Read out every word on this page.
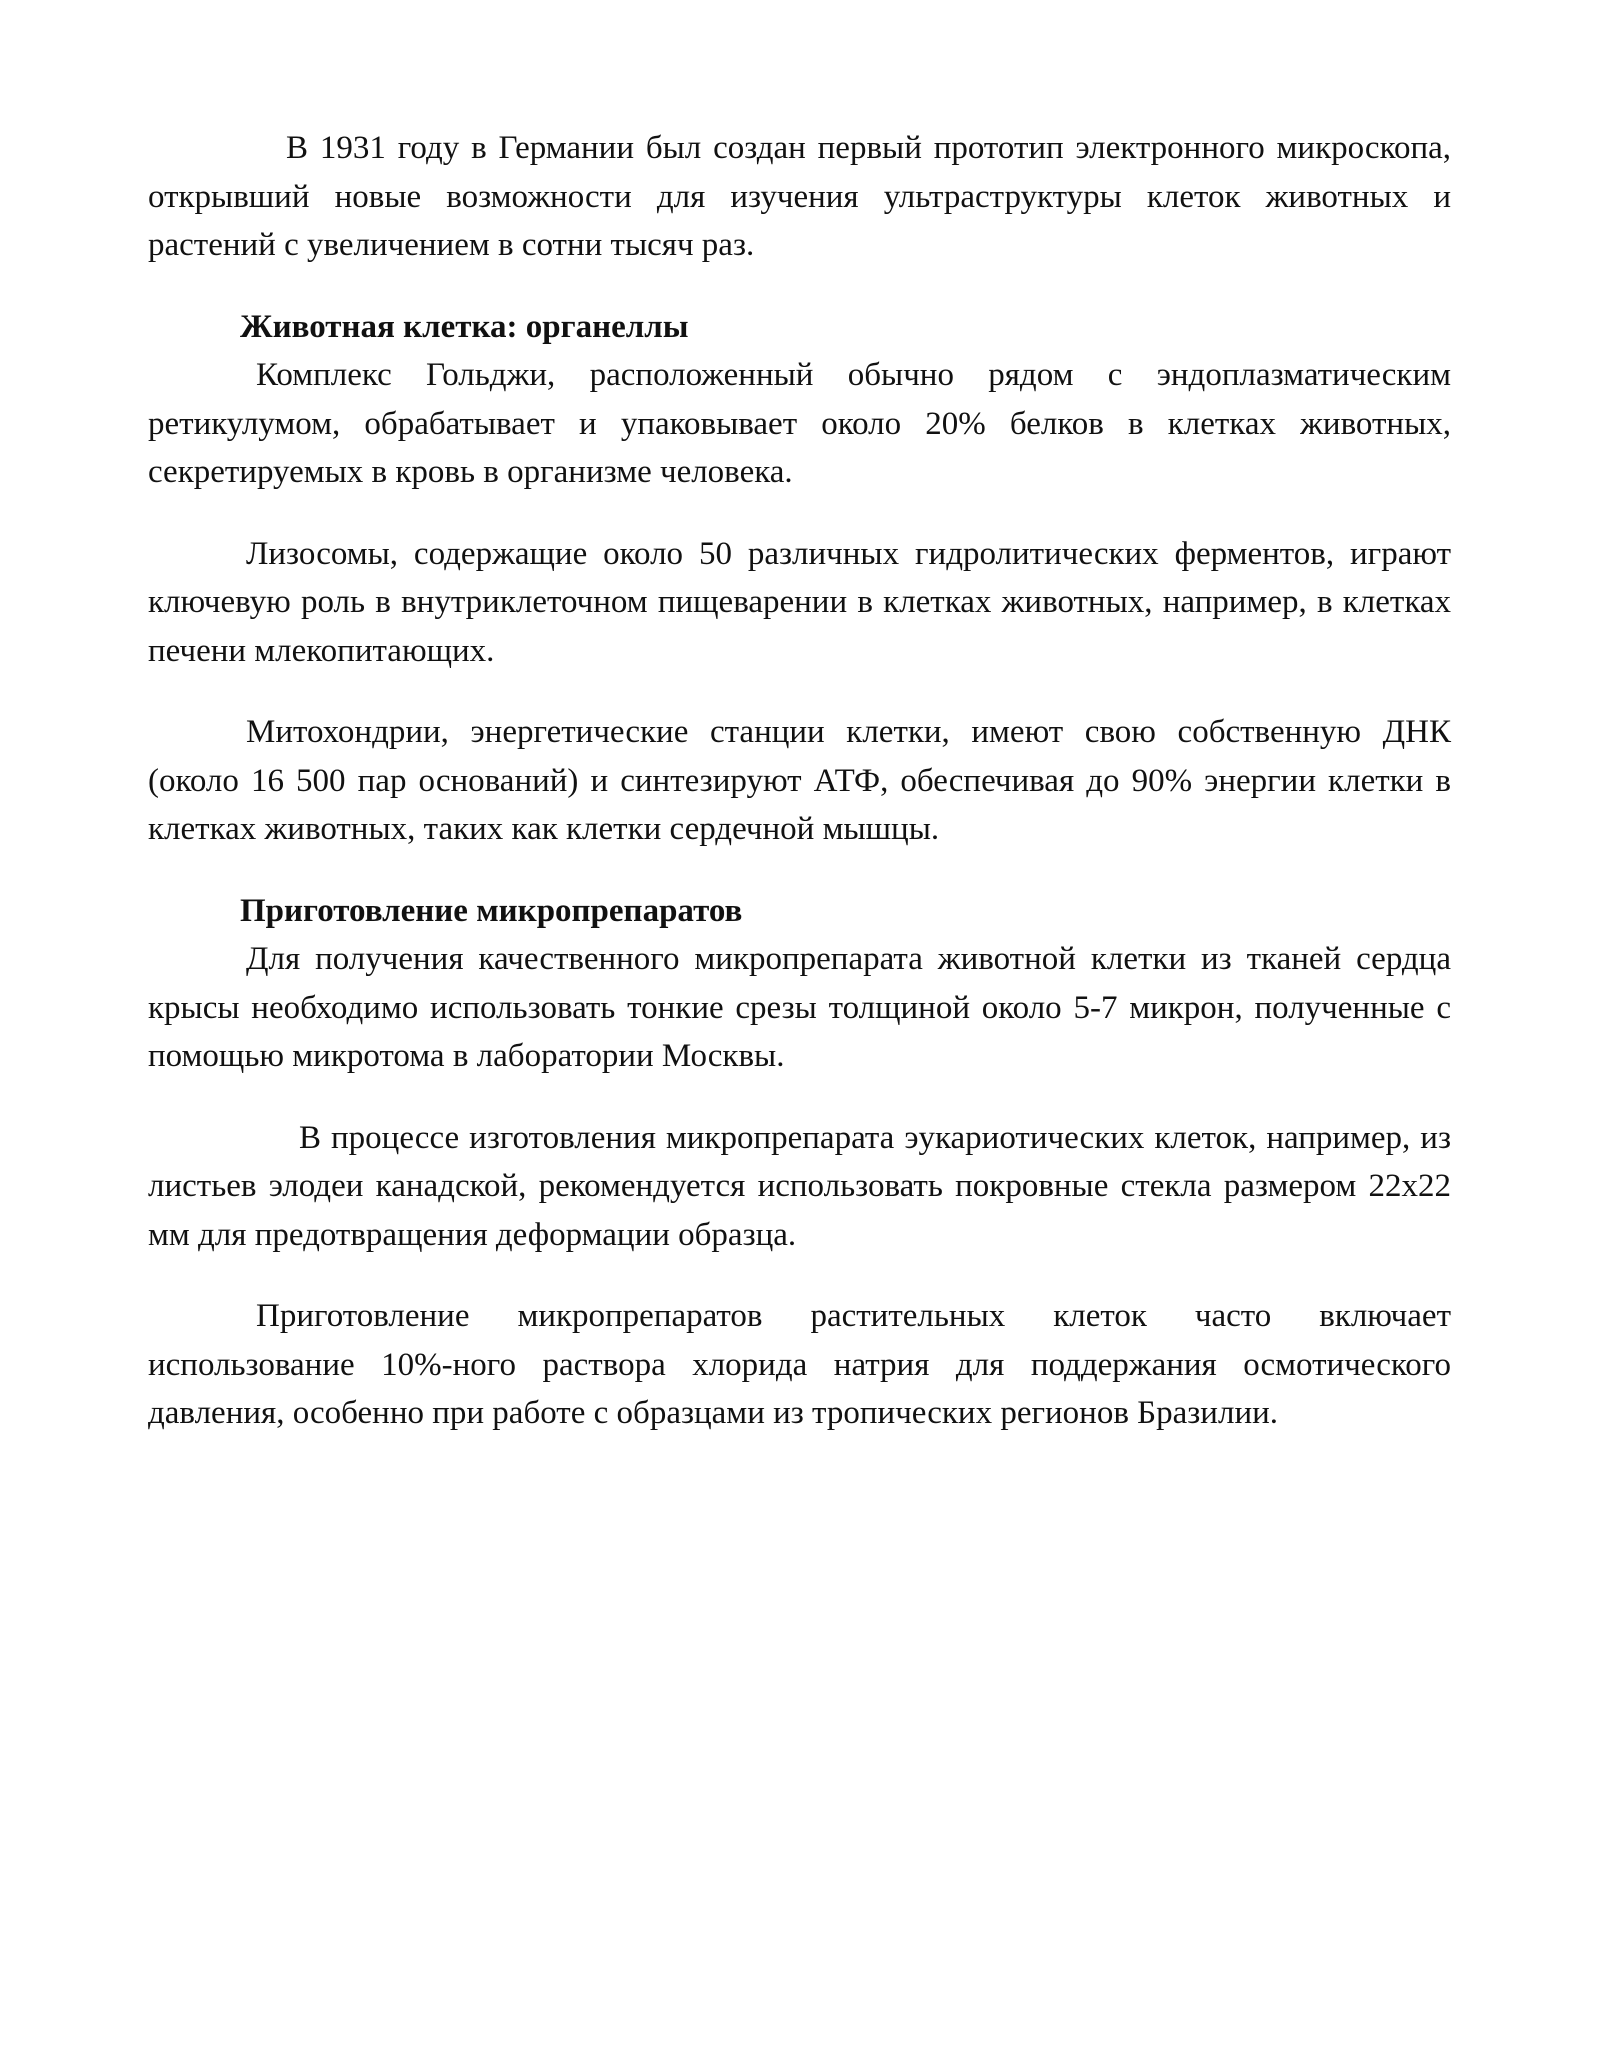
В 1931 году в Германии был создан первый прототип электронного микроскопа, открывший новые возможности для изучения ультраструктуры клеток животных и растений с увеличением в сотни тысяч раз.

Животная клетка: органеллы

Комплекс Гольджи, расположенный обычно рядом с эндоплазматическим ретикулумом, обрабатывает и упаковывает около 20% белков в клетках животных, секретируемых в кровь в организме человека.

Лизосомы, содержащие около 50 различных гидролитических ферментов, играют ключевую роль в внутриклеточном пищеварении в клетках животных, например, в клетках печени млекопитающих.

Митохондрии, энергетические станции клетки, имеют свою собственную ДНК (около 16 500 пар оснований) и синтезируют АТФ, обеспечивая до 90% энергии клетки в клетках животных, таких как клетки сердечной мышцы.

Приготовление микропрепаратов

Для получения качественного микропрепарата животной клетки из тканей сердца крысы необходимо использовать тонкие срезы толщиной около 5-7 микрон, полученные с помощью микротома в лаборатории Москвы.

В процессе изготовления микропрепарата эукариотических клеток, например, из листьев элодеи канадской, рекомендуется использовать покровные стекла размером 22x22 мм для предотвращения деформации образца.

Приготовление микропрепаратов растительных клеток часто включает использование 10%-ного раствора хлорида натрия для поддержания осмотического давления, особенно при работе с образцами из тропических регионов Бразилии.
